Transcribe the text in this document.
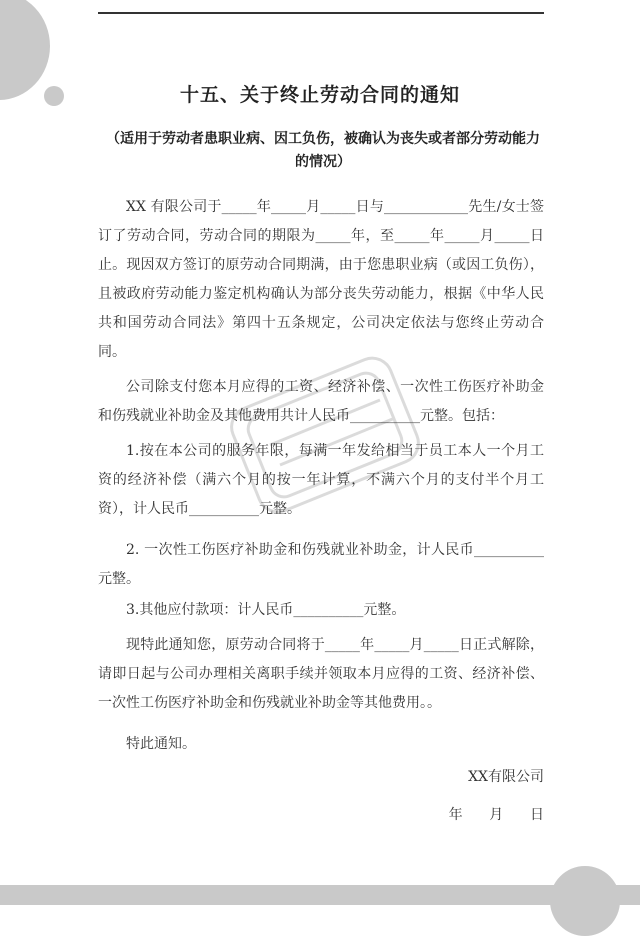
十五、关于终止劳动合同的通知
（适用于劳动者患职业病、因工负伤，被确认为丧失或者部分劳动能力的情况）

XX 有限公司于_____年_____月_____日与____________先生/女士签订了劳动合同，劳动合同的期限为_____年，至_____年_____月_____日止。现因双方签订的原劳动合同期满，由于您患职业病（或因工负伤），且被政府劳动能力鉴定机构确认为部分丧失劳动能力，根据《中华人民共和国劳动合同法》第四十五条规定，公司决定依法与您终止劳动合同。

公司除支付您本月应得的工资、经济补偿、一次性工伤医疗补助金和伤残就业补助金及其他费用共计人民币__________元整。包括：

1.按在本公司的服务年限，每满一年发给相当于员工本人一个月工资的经济补偿（满六个月的按一年计算，不满六个月的支付半个月工资），计人民币__________元整。

2. 一次性工伤医疗补助金和伤残就业补助金，计人民币__________元整。

3.其他应付款项：计人民币__________元整。

现特此通知您，原劳动合同将于_____年_____月_____日正式解除，请即日起与公司办理相关离职手续并领取本月应得的工资、经济补偿、一次性工伤医疗补助金和伤残就业补助金等其他费用。。

特此通知。

XX有限公司
年      月      日
